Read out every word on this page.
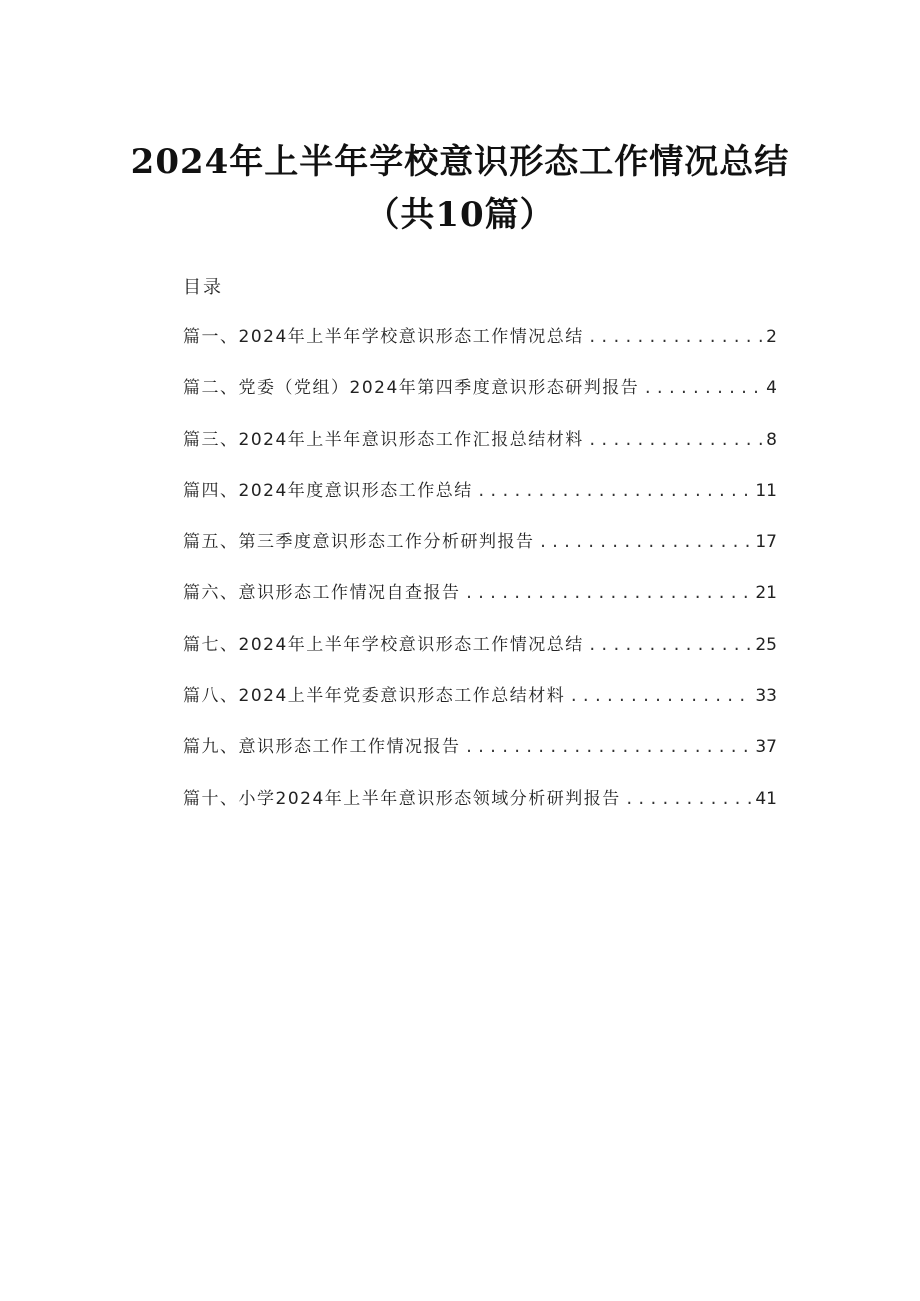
2024年上半年学校意识形态工作情况总结
（共10篇）
目录
篇一、2024年上半年学校意识形态工作情况总结 .....	2
篇二、党委（党组）2024年第四季度意识形态研判报告 .....	4
篇三、2024年上半年意识形态工作汇报总结材料 .....	8
篇四、2024年度意识形态工作总结 .....	11
篇五、第三季度意识形态工作分析研判报告 .....	17
篇六、意识形态工作情况自查报告 .....	21
篇七、2024年上半年学校意识形态工作情况总结 .....	25
篇八、2024上半年党委意识形态工作总结材料 .....	33
篇九、意识形态工作工作情况报告 .....	37
篇十、小学2024年上半年意识形态领域分析研判报告 .....	41
